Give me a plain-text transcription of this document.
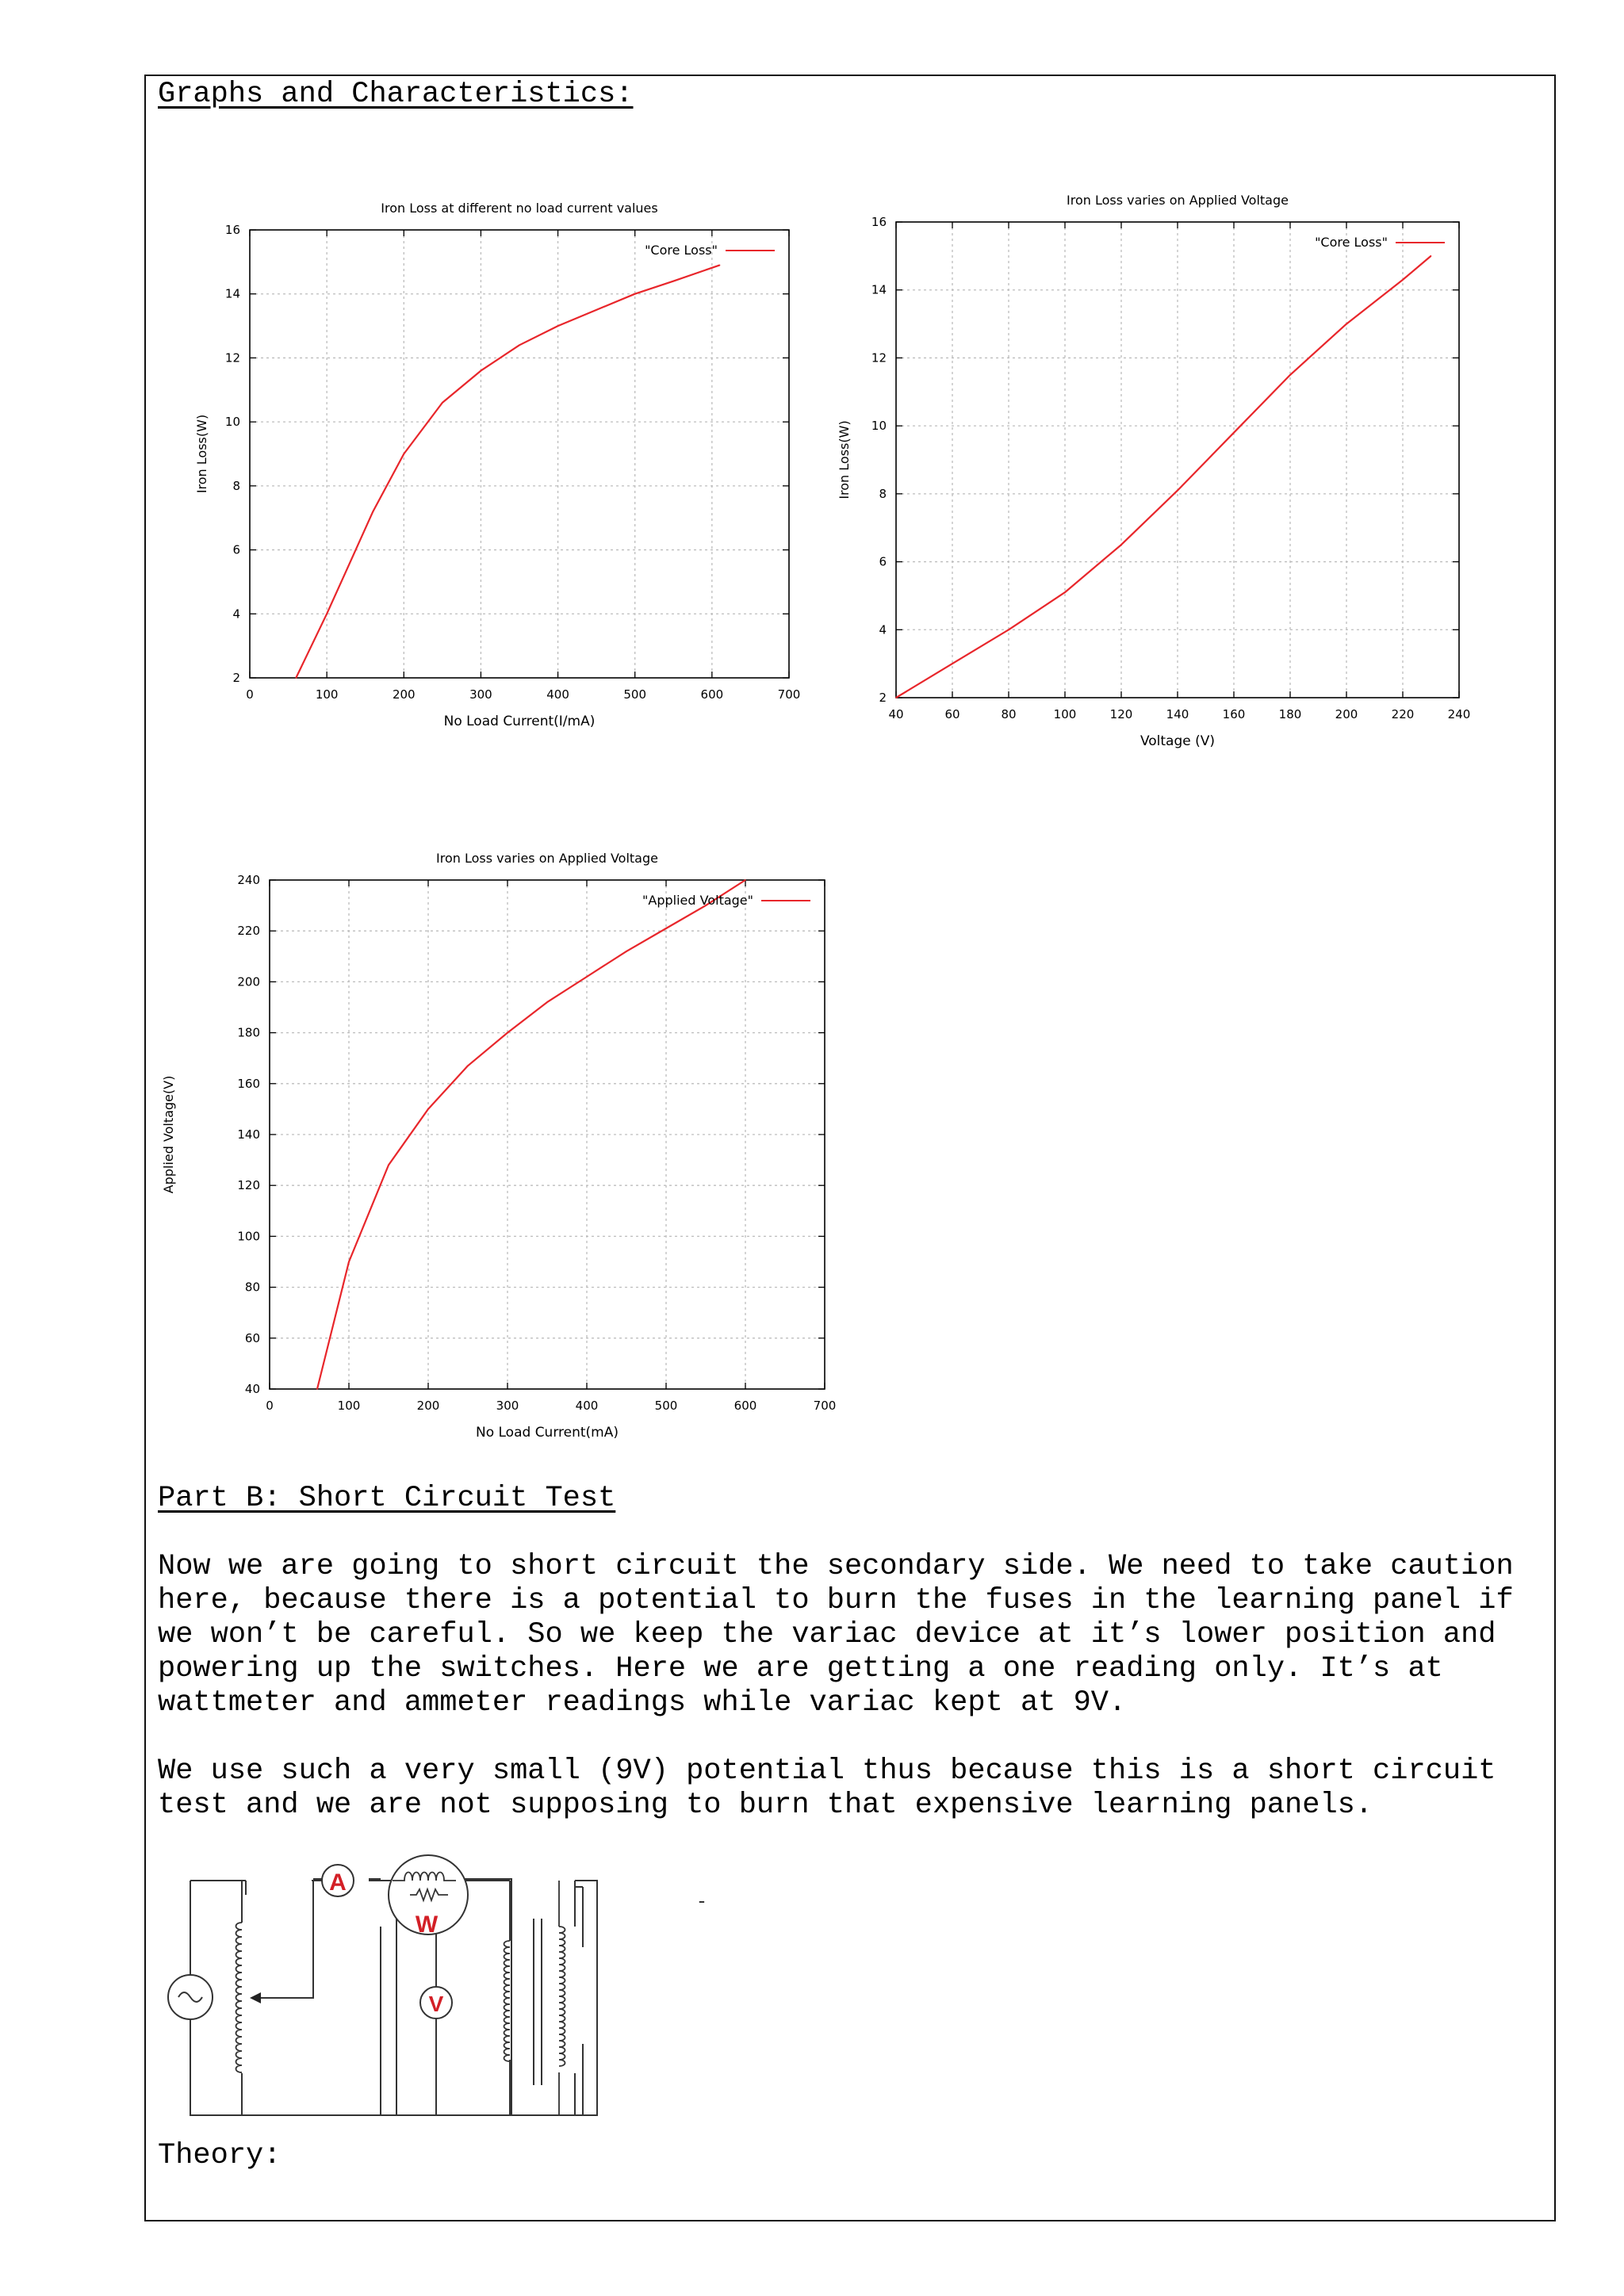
Graphs and Characteristics:
0	100	200	300	400	500	600	700
2
4
6
8
10
12
14
16
Iron Loss at different no load current values
No Load Current(I/mA)
Iron Loss(W)
"Core Loss"
40	60	80	100	120	140	160	180	200	220	240
2
4
6
8
10
12
14
16
Iron Loss varies on Applied Voltage
Voltage (V)
Iron Loss(W)
"Core Loss"
0	100	200	300	400	500	600	700
40
60
80
100
120
140
160
180
200
220
240
Iron Loss varies on Applied Voltage
No Load Current(mA)
Applied Voltage(V)
"Applied Voltage"
Part B: Short Circuit Test
Now we are going to short circuit the secondary side. We need to take caution
here, because there is a potential to burn the fuses in the learning panel if
we won’t be careful. So we keep the variac device at it’s lower position and
powering up the switches. Here we are getting a one reading only. It’s at
wattmeter and ammeter readings while variac kept at 9V.
We use such a very small (9V) potential thus because this is a short circuit
test and we are not supposing to burn that expensive learning panels.
A
W
V
-
Theory:
